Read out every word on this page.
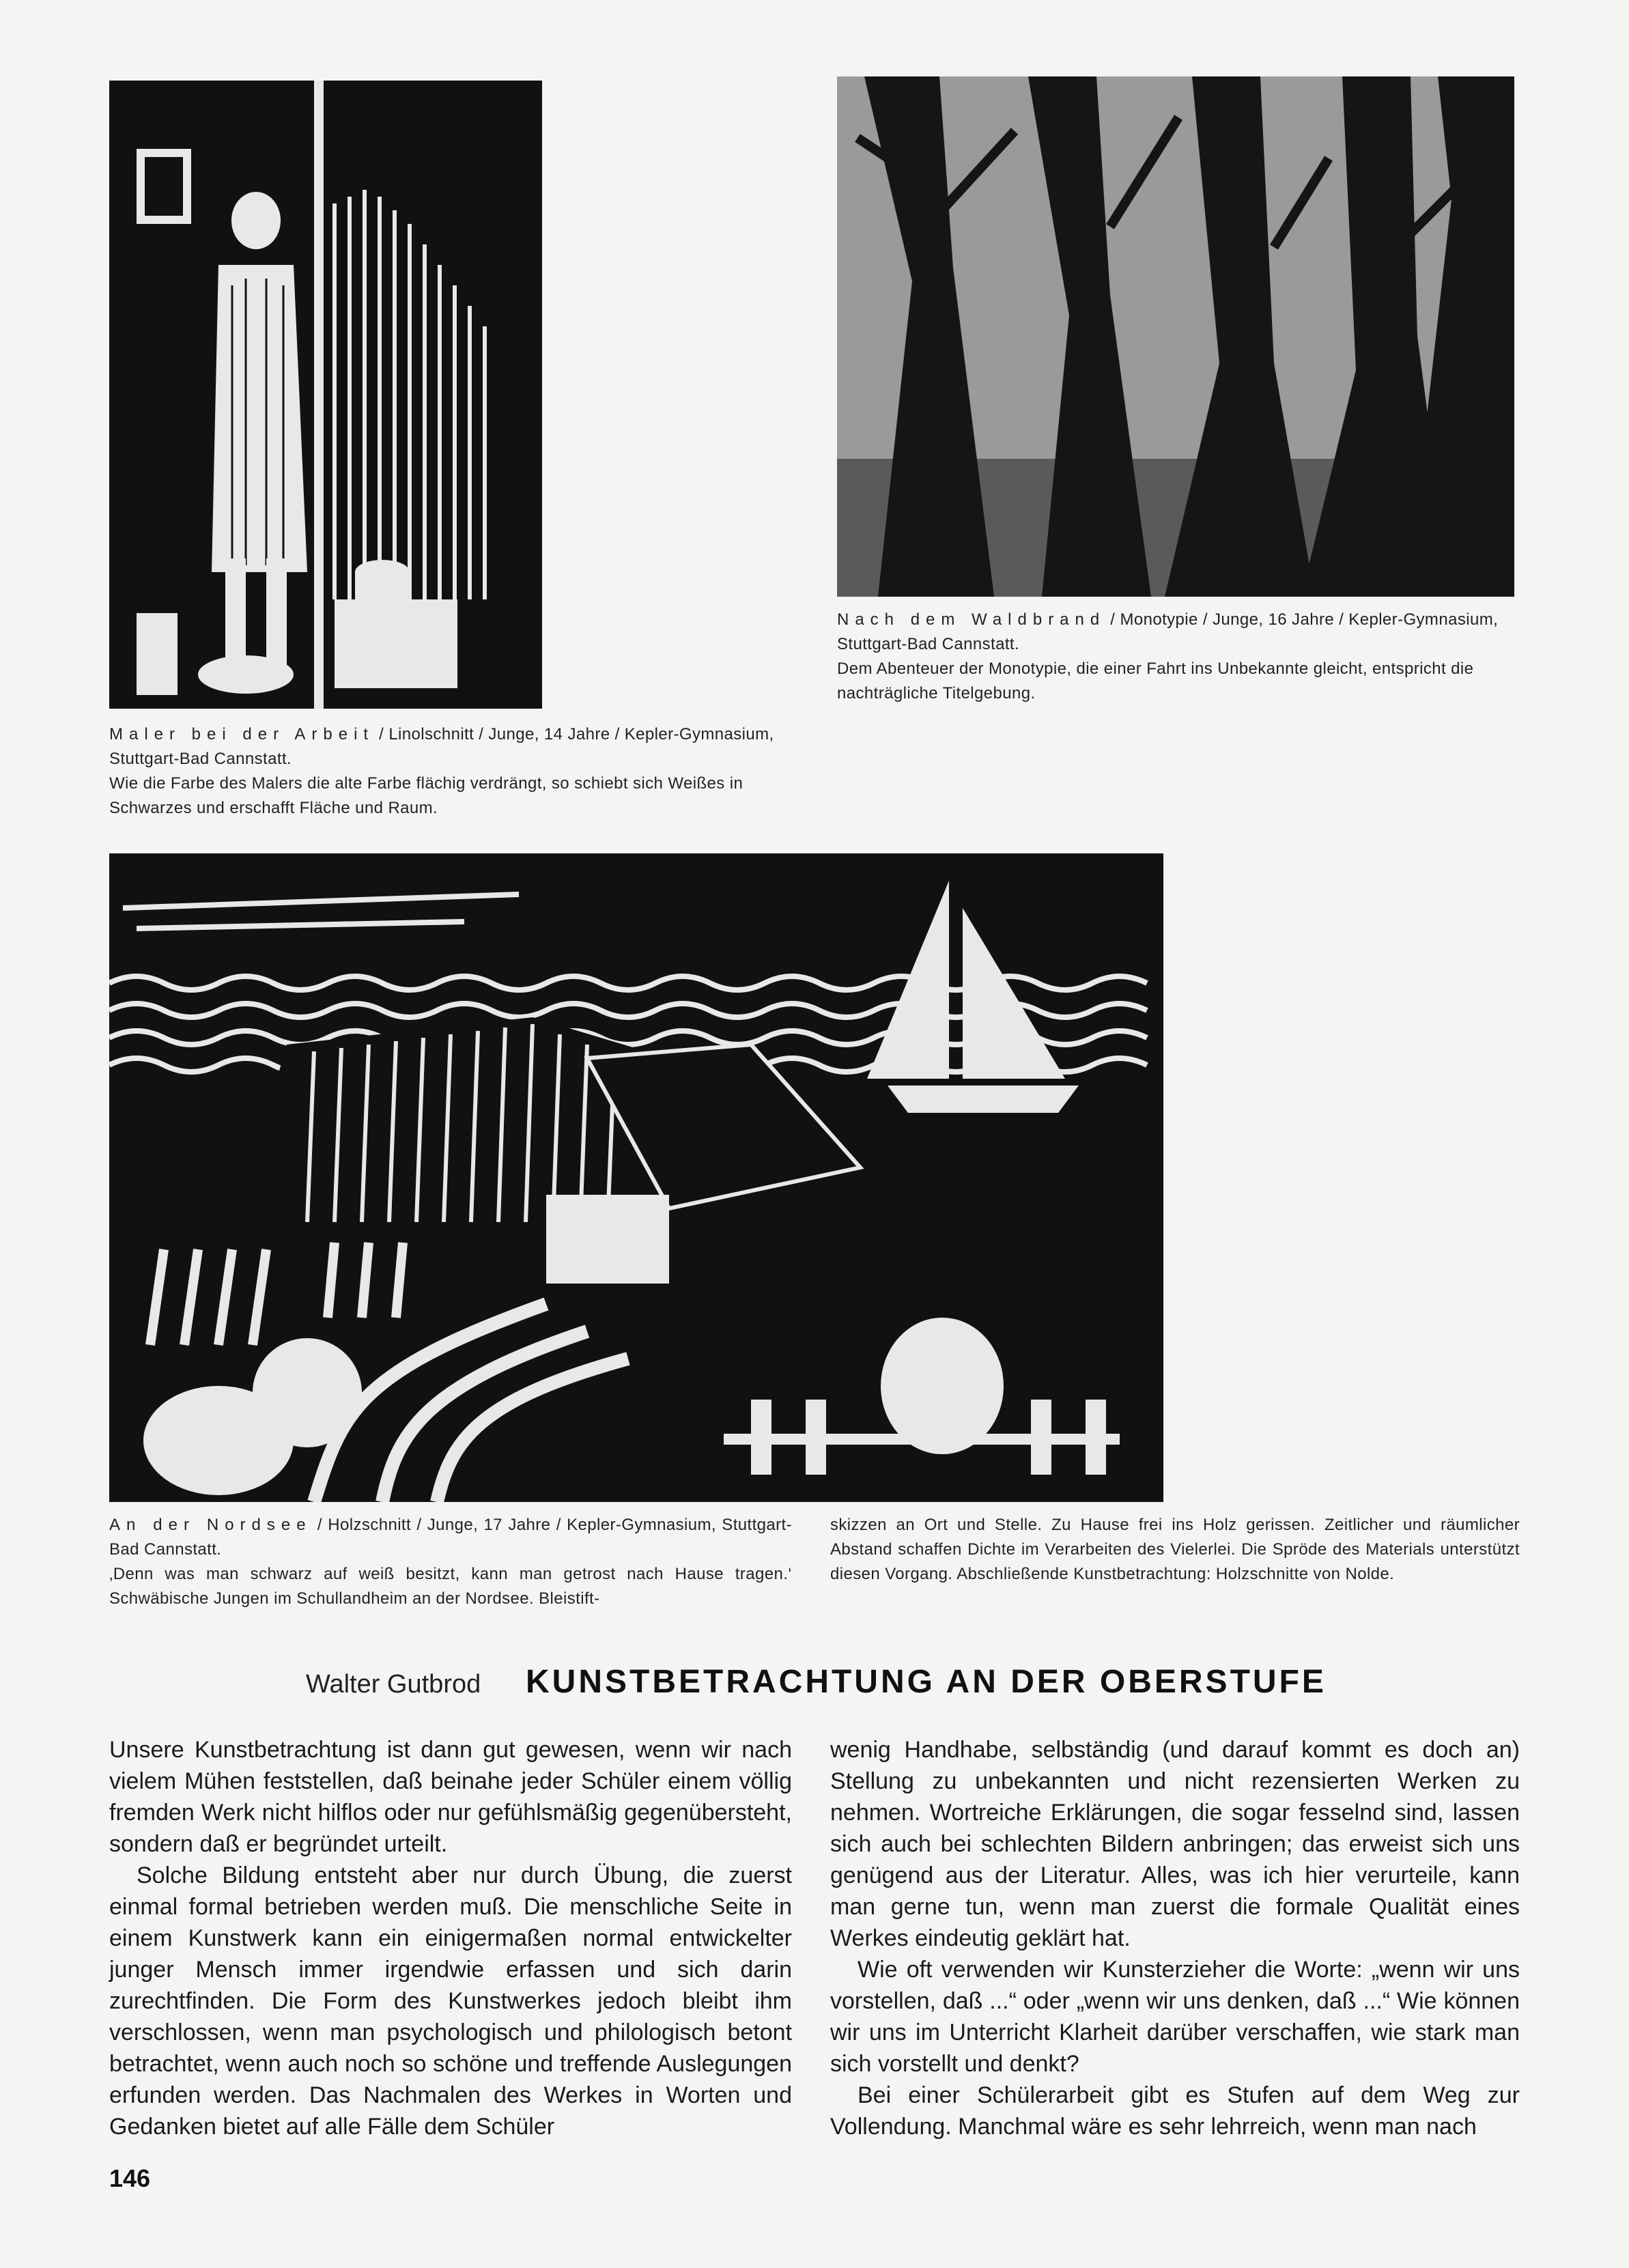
Nach dem Waldbrand / Monotypie / Junge, 16 Jahre / Kepler-Gymnasium, Stuttgart-Bad Cannstatt.
Dem Abenteuer der Monotypie, die einer Fahrt ins Unbekannte gleicht, entspricht die nachträgliche Titelgebung.
Maler bei der Arbeit / Linolschnitt / Junge, 14 Jahre / Kepler-Gymnasium, Stuttgart-Bad Cannstatt.
Wie die Farbe des Malers die alte Farbe flächig verdrängt, so schiebt sich Weißes in Schwarzes und erschafft Fläche und Raum.
An der Nordsee / Holzschnitt / Junge, 17 Jahre / Kepler-Gymnasium, Stuttgart-Bad Cannstatt.
‚Denn was man schwarz auf weiß besitzt, kann man getrost nach Hause tragen.‘ Schwäbische Jungen im Schullandheim an der Nordsee. Bleistift-
skizzen an Ort und Stelle. Zu Hause frei ins Holz gerissen. Zeitlicher und räumlicher Abstand schaffen Dichte im Verarbeiten des Vielerlei. Die Spröde des Materials unterstützt diesen Vorgang. Abschließende Kunstbetrachtung: Holzschnitte von Nolde.
Walter Gutbrod KUNSTBETRACHTUNG AN DER OBERSTUFE

Unsere Kunstbetrachtung ist dann gut gewesen, wenn wir nach vielem Mühen feststellen, daß beinahe jeder Schüler einem völlig fremden Werk nicht hilflos oder nur gefühlsmäßig gegenübersteht, sondern daß er begründet urteilt.

Solche Bildung entsteht aber nur durch Übung, die zuerst einmal formal betrieben werden muß. Die menschliche Seite in einem Kunstwerk kann ein einigermaßen normal entwickelter junger Mensch immer irgendwie erfassen und sich darin zurechtfinden. Die Form des Kunstwerkes jedoch bleibt ihm verschlossen, wenn man psychologisch und philologisch betont betrachtet, wenn auch noch so schöne und treffende Auslegungen erfunden werden. Das Nachmalen des Werkes in Worten und Gedanken bietet auf alle Fälle dem Schüler

wenig Handhabe, selbständig (und darauf kommt es doch an) Stellung zu unbekannten und nicht rezensierten Werken zu nehmen. Wortreiche Erklärungen, die sogar fesselnd sind, lassen sich auch bei schlechten Bildern anbringen; das erweist sich uns genügend aus der Literatur. Alles, was ich hier verurteile, kann man gerne tun, wenn man zuerst die formale Qualität eines Werkes eindeutig geklärt hat.

Wie oft verwenden wir Kunsterzieher die Worte: „wenn wir uns vorstellen, daß ...“ oder „wenn wir uns denken, daß ...“ Wie können wir uns im Unterricht Klarheit darüber verschaffen, wie stark man sich vorstellt und denkt?

Bei einer Schülerarbeit gibt es Stufen auf dem Weg zur Vollendung. Manchmal wäre es sehr lehrreich, wenn man nach

146
